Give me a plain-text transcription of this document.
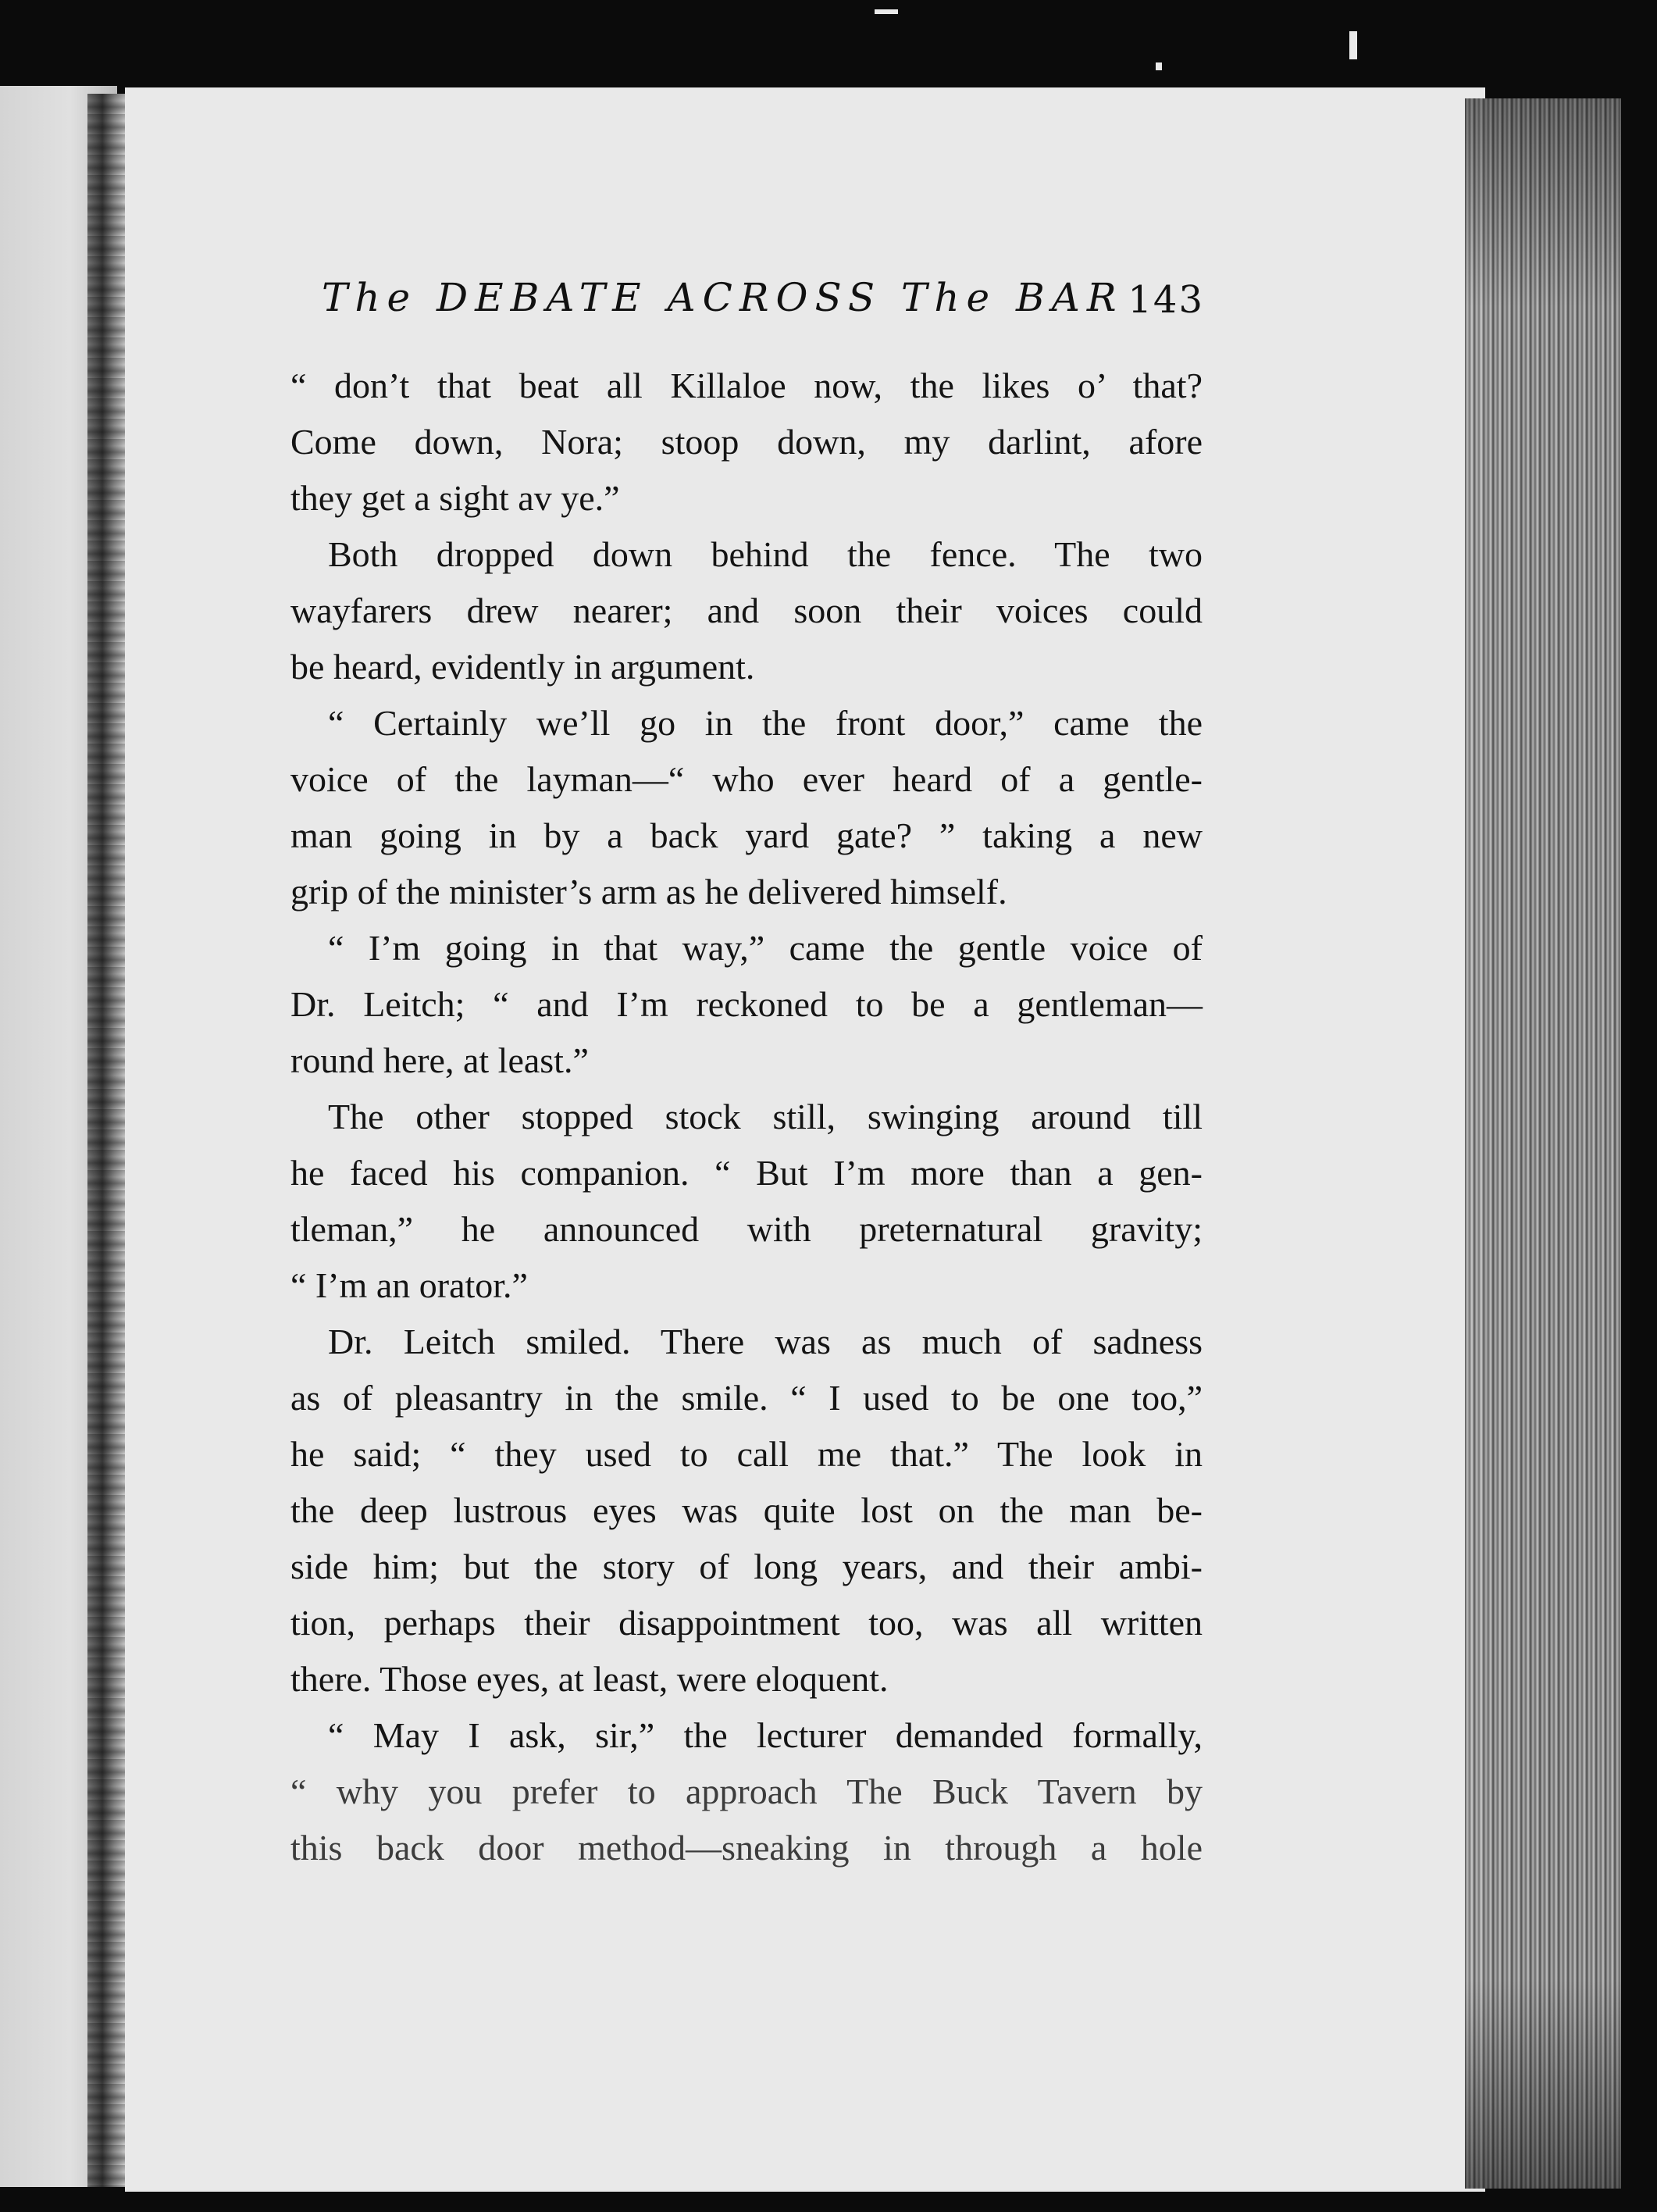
The DEBATE ACROSS The BAR 143
“ don’t that beat all Killaloe now, the likes o’ that?
Come down, Nora; stoop down, my darlint, afore
they get a sight av ye.”
Both dropped down behind the fence. The two
wayfarers drew nearer; and soon their voices could
be heard, evidently in argument.
“ Certainly we’ll go in the front door,” came the
voice of the layman—“ who ever heard of a gentle-
man going in by a back yard gate? ” taking a new
grip of the minister’s arm as he delivered himself.
“ I’m going in that way,” came the gentle voice of
Dr. Leitch; “ and I’m reckoned to be a gentleman—
round here, at least.”
The other stopped stock still, swinging around till
he faced his companion. “ But I’m more than a gen-
tleman,” he announced with preternatural gravity;
“ I’m an orator.”
Dr. Leitch smiled. There was as much of sadness
as of pleasantry in the smile. “ I used to be one too,”
he said; “ they used to call me that.” The look in
the deep lustrous eyes was quite lost on the man be-
side him; but the story of long years, and their ambi-
tion, perhaps their disappointment too, was all written
there. Those eyes, at least, were eloquent.
“ May I ask, sir,” the lecturer demanded formally,
“ why you prefer to approach The Buck Tavern by
this back door method—sneaking in through a hole
